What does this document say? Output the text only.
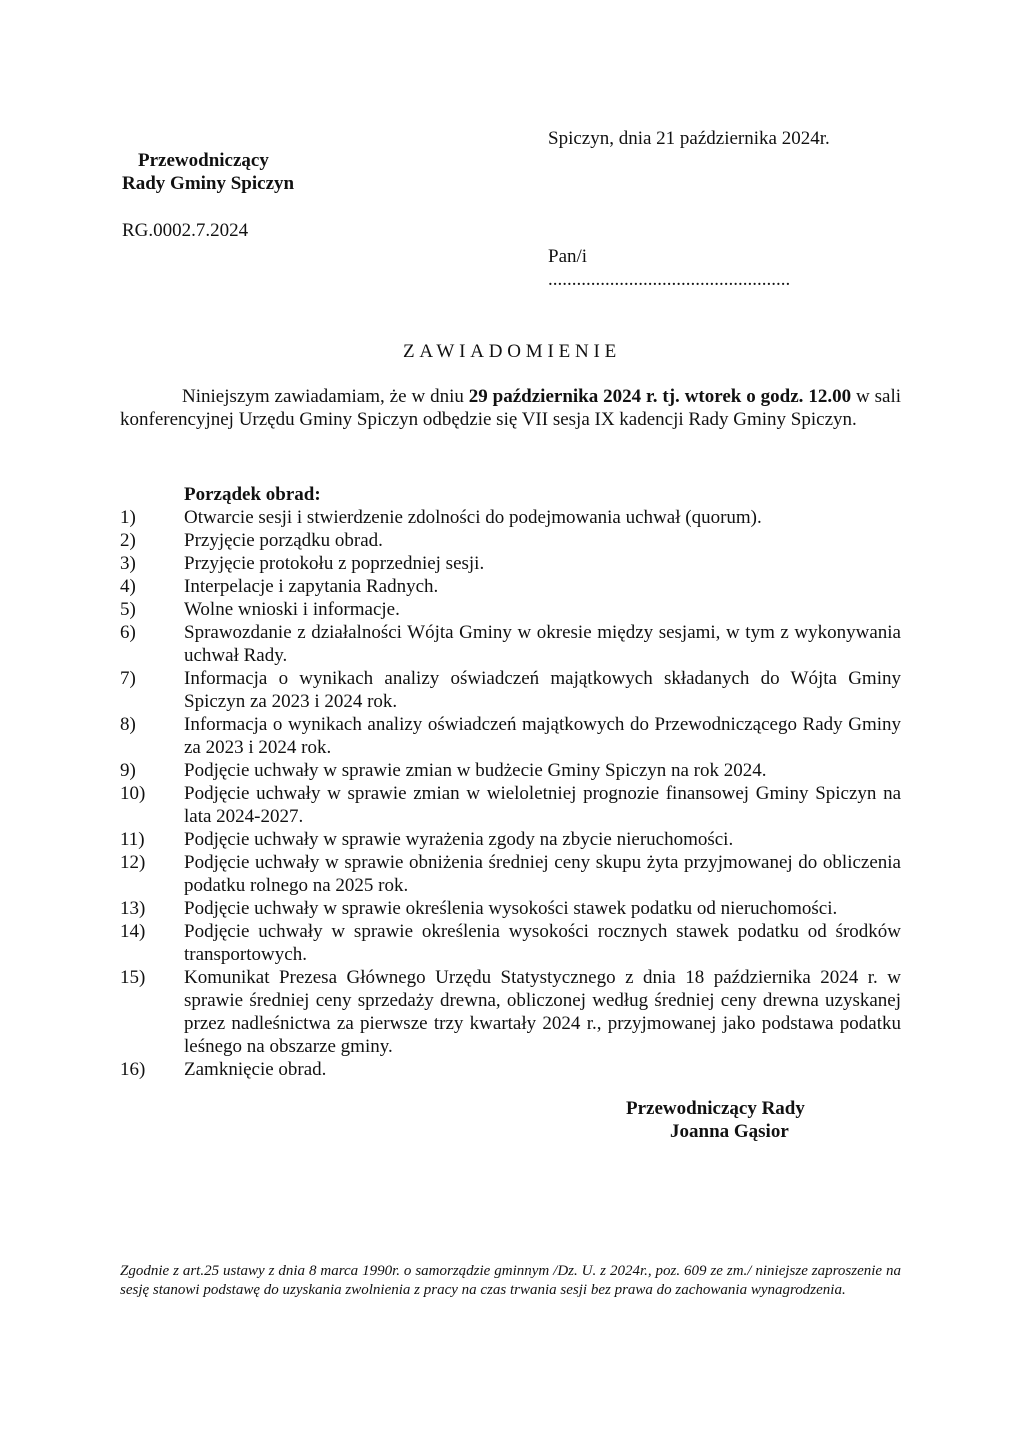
Spiczyn, dnia 21 października 2024r.
Przewodniczący
Rady Gminy Spiczyn
RG.0002.7.2024
Pan/i
...................................................
ZAWIADOMIENIE

Niniejszym zawiadamiam, że w dniu 29 października 2024 r. tj. wtorek o godz. 12.00 w sali konferencyjnej Urzędu Gminy Spiczyn odbędzie się VII sesja IX kadencji Rady Gminy Spiczyn.

Porządek obrad:
1)	Otwarcie sesji i stwierdzenie zdolności do podejmowania uchwał (quorum).
2)	Przyjęcie porządku obrad.
3)	Przyjęcie protokołu z poprzedniej sesji.
4)	Interpelacje i zapytania Radnych.
5)	Wolne wnioski i informacje.
6)	Sprawozdanie z działalności Wójta Gminy w okresie między sesjami, w tym z wykonywania uchwał Rady.
7)	Informacja o wynikach analizy oświadczeń majątkowych składanych do Wójta Gminy Spiczyn za 2023 i 2024 rok.
8)	Informacja o wynikach analizy oświadczeń majątkowych do Przewodniczącego Rady Gminy za 2023 i 2024 rok.
9)	Podjęcie uchwały w sprawie zmian w budżecie Gminy Spiczyn na rok 2024.
10)	Podjęcie uchwały w sprawie zmian w wieloletniej prognozie finansowej Gminy Spiczyn na lata 2024-2027.
11)	Podjęcie uchwały w sprawie wyrażenia zgody na zbycie nieruchomości.
12)	Podjęcie uchwały w sprawie obniżenia średniej ceny skupu żyta przyjmowanej do obliczenia podatku rolnego na 2025 rok.
13)	Podjęcie uchwały w sprawie określenia wysokości stawek podatku od nieruchomości.
14)	Podjęcie uchwały w sprawie określenia wysokości rocznych stawek podatku od środków transportowych.
15)	Komunikat Prezesa Głównego Urzędu Statystycznego z dnia 18 października 2024 r. w sprawie średniej ceny sprzedaży drewna, obliczonej według średniej ceny drewna uzyskanej przez nadleśnictwa za pierwsze trzy kwartały 2024 r., przyjmowanej jako podstawa podatku leśnego na obszarze gminy.
16)	Zamknięcie obrad.
Przewodniczący Rady
Joanna Gąsior

Zgodnie z art.25 ustawy z dnia 8 marca 1990r. o samorządzie gminnym /Dz. U. z 2024r., poz. 609 ze zm./ niniejsze zaproszenie na sesję stanowi podstawę do uzyskania zwolnienia z pracy na czas trwania sesji bez prawa do zachowania wynagrodzenia.
